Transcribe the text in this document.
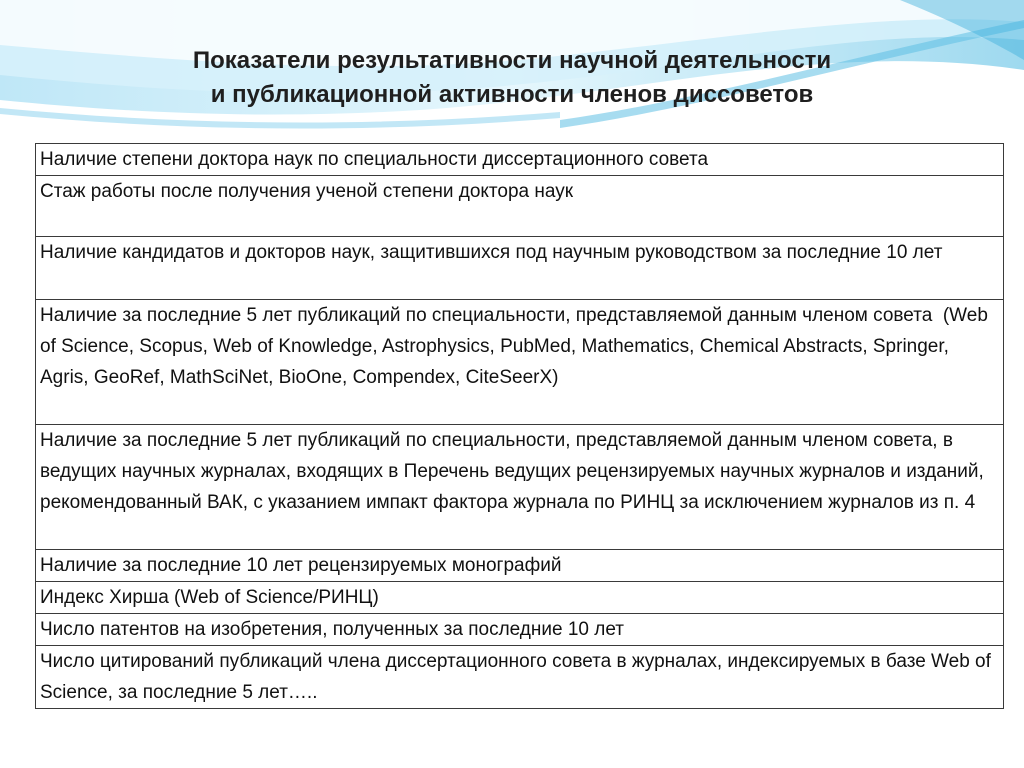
Показатели результативности научной деятельности
и публикационной активности членов диссоветов
Наличие степени доктора наук по специальности диссертационного совета
Стаж работы после получения ученой степени доктора наук
Наличие кандидатов и докторов наук, защитившихся под научным руководством за последние 10 лет
Наличие за последние 5 лет публикаций по специальности, представляемой данным членом совета  (Web of Science, Scopus, Web of Knowledge, Astrophysics, PubMed, Mathematics, Chemical Abstracts, Springer, Agris, GeoRef, MathSciNet, BioOne, Compendex, CiteSeerX)
Наличие за последние 5 лет публикаций по специальности, представляемой данным членом совета, в ведущих научных журналах, входящих в Перечень ведущих рецензируемых научных журналов и изданий, рекомендованный ВАК, с указанием импакт фактора журнала по РИНЦ за исключением журналов из п. 4
Наличие за последние 10 лет рецензируемых монографий
Индекс Хирша (Web of Science/РИНЦ)
Число патентов на изобретения, полученных за последние 10 лет
Число цитирований публикаций члена диссертационного совета в журналах, индексируемых в базе Web of Science, за последние 5 лет…..
